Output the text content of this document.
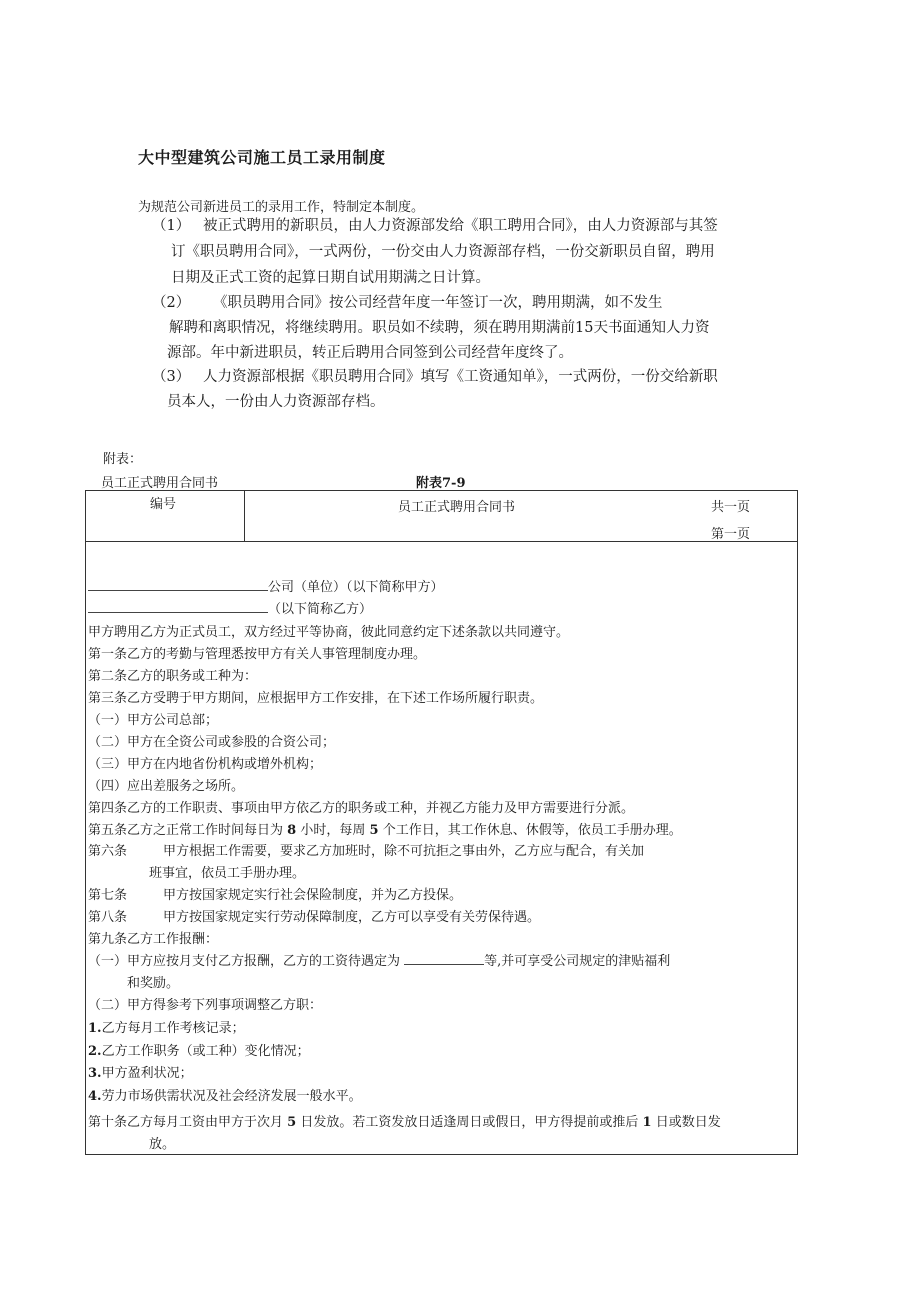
大中型建筑公司施工员工录用制度
为规范公司新进员工的录用工作，特制定本制度。
（1） 被正式聘用的新职员，由人力资源部发给《职工聘用合同》，由人力资源部与其签
订《职员聘用合同》，一式两份，一份交由人力资源部存档，一份交新职员自留，聘用
日期及正式工资的起算日期自试用期满之日计算。
（2） 《职员聘用合同》按公司经营年度一年签订一次，聘用期满，如不发生
解聘和离职情况，将继续聘用。职员如不续聘，须在聘用期满前15天书面通知人力资
源部。年中新进职员，转正后聘用合同签到公司经营年度终了。
（3） 人力资源部根据《职员聘用合同》填写《工资通知单》，一式两份，一份交给新职
员本人，一份由人力资源部存档。
附表：
员工正式聘用合同书	附表7-9
编号	员工正式聘用合同书	共一页
第一页
公司（单位）（以下简称甲方）
（以下简称乙方）
甲方聘用乙方为正式员工，双方经过平等协商，彼此同意约定下述条款以共同遵守。
第一条乙方的考勤与管理悉按甲方有关人事管理制度办理。
第二条乙方的职务或工种为：
第三条乙方受聘于甲方期间，应根据甲方工作安排，在下述工作场所履行职责。
（一）甲方公司总部；
（二）甲方在全资公司或参股的合资公司；
（三）甲方在内地省份机构或增外机构；
（四）应出差服务之场所。
第四条乙方的工作职责、事项由甲方依乙方的职务或工种，并视乙方能力及甲方需要进行分派。
第五条乙方之正常工作时间每日为 8 小时，每周 5 个工作日，其工作休息、休假等，依员工手册办理。
第六条	甲方根据工作需要，要求乙方加班时，除不可抗拒之事由外，乙方应与配合，有关加
班事宜，依员工手册办理。
第七条	甲方按国家规定实行社会保险制度，并为乙方投保。
第八条	甲方按国家规定实行劳动保障制度，乙方可以享受有关劳保待遇。
第九条乙方工作报酬：
（一）甲方应按月支付乙方报酬，乙方的工资待遇定为	等,并可享受公司规定的津贴福利
和奖励。
（二）甲方得参考下列事项调整乙方职：
1.乙方每月工作考核记录；
2.乙方工作职务（或工种）变化情况；
3.甲方盈利状况；
4.劳力市场供需状况及社会经济发展一般水平。
第十条乙方每月工资由甲方于次月 5 日发放。若工资发放日适逢周日或假日，甲方得提前或推后 1 日或数日发
放。
